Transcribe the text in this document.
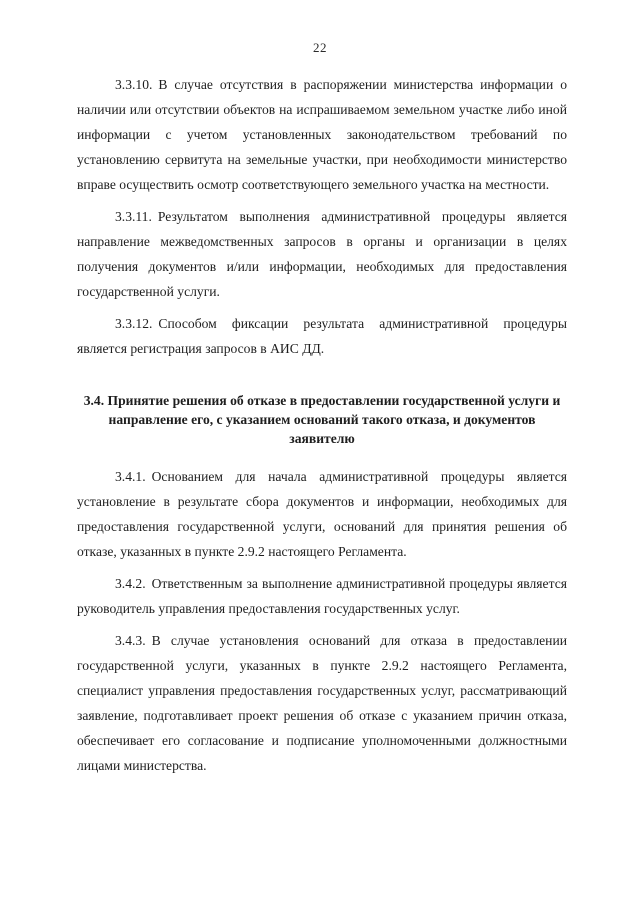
22

3.3.10. В случае отсутствия в распоряжении министерства информации о наличии или отсутствии объектов на испрашиваемом земельном участке либо иной информации с учетом установленных законодательством требований по установлению сервитута на земельные участки, при необходимости министерство вправе осуществить осмотр соответствующего земельного участка на местности.

3.3.11. Результатом выполнения административной процедуры является направление межведомственных запросов в органы и организации в целях получения документов и/или информации, необходимых для предоставления государственной услуги.

3.3.12. Способом фиксации результата административной процедуры является регистрация запросов в АИС ДД.

3.4. Принятие решения об отказе в предоставлении государственной услуги и направление его, с указанием оснований такого отказа, и документов заявителю

3.4.1. Основанием для начала административной процедуры является установление в результате сбора документов и информации, необходимых для предоставления государственной услуги, оснований для принятия решения об отказе, указанных в пункте 2.9.2 настоящего Регламента.

3.4.2. Ответственным за выполнение административной процедуры является руководитель управления предоставления государственных услуг.

3.4.3. В случае установления оснований для отказа в предоставлении государственной услуги, указанных в пункте 2.9.2 настоящего Регламента, специалист управления предоставления государственных услуг, рассматривающий заявление, подготавливает проект решения об отказе с указанием причин отказа, обеспечивает его согласование и подписание уполномоченными должностными лицами министерства.
